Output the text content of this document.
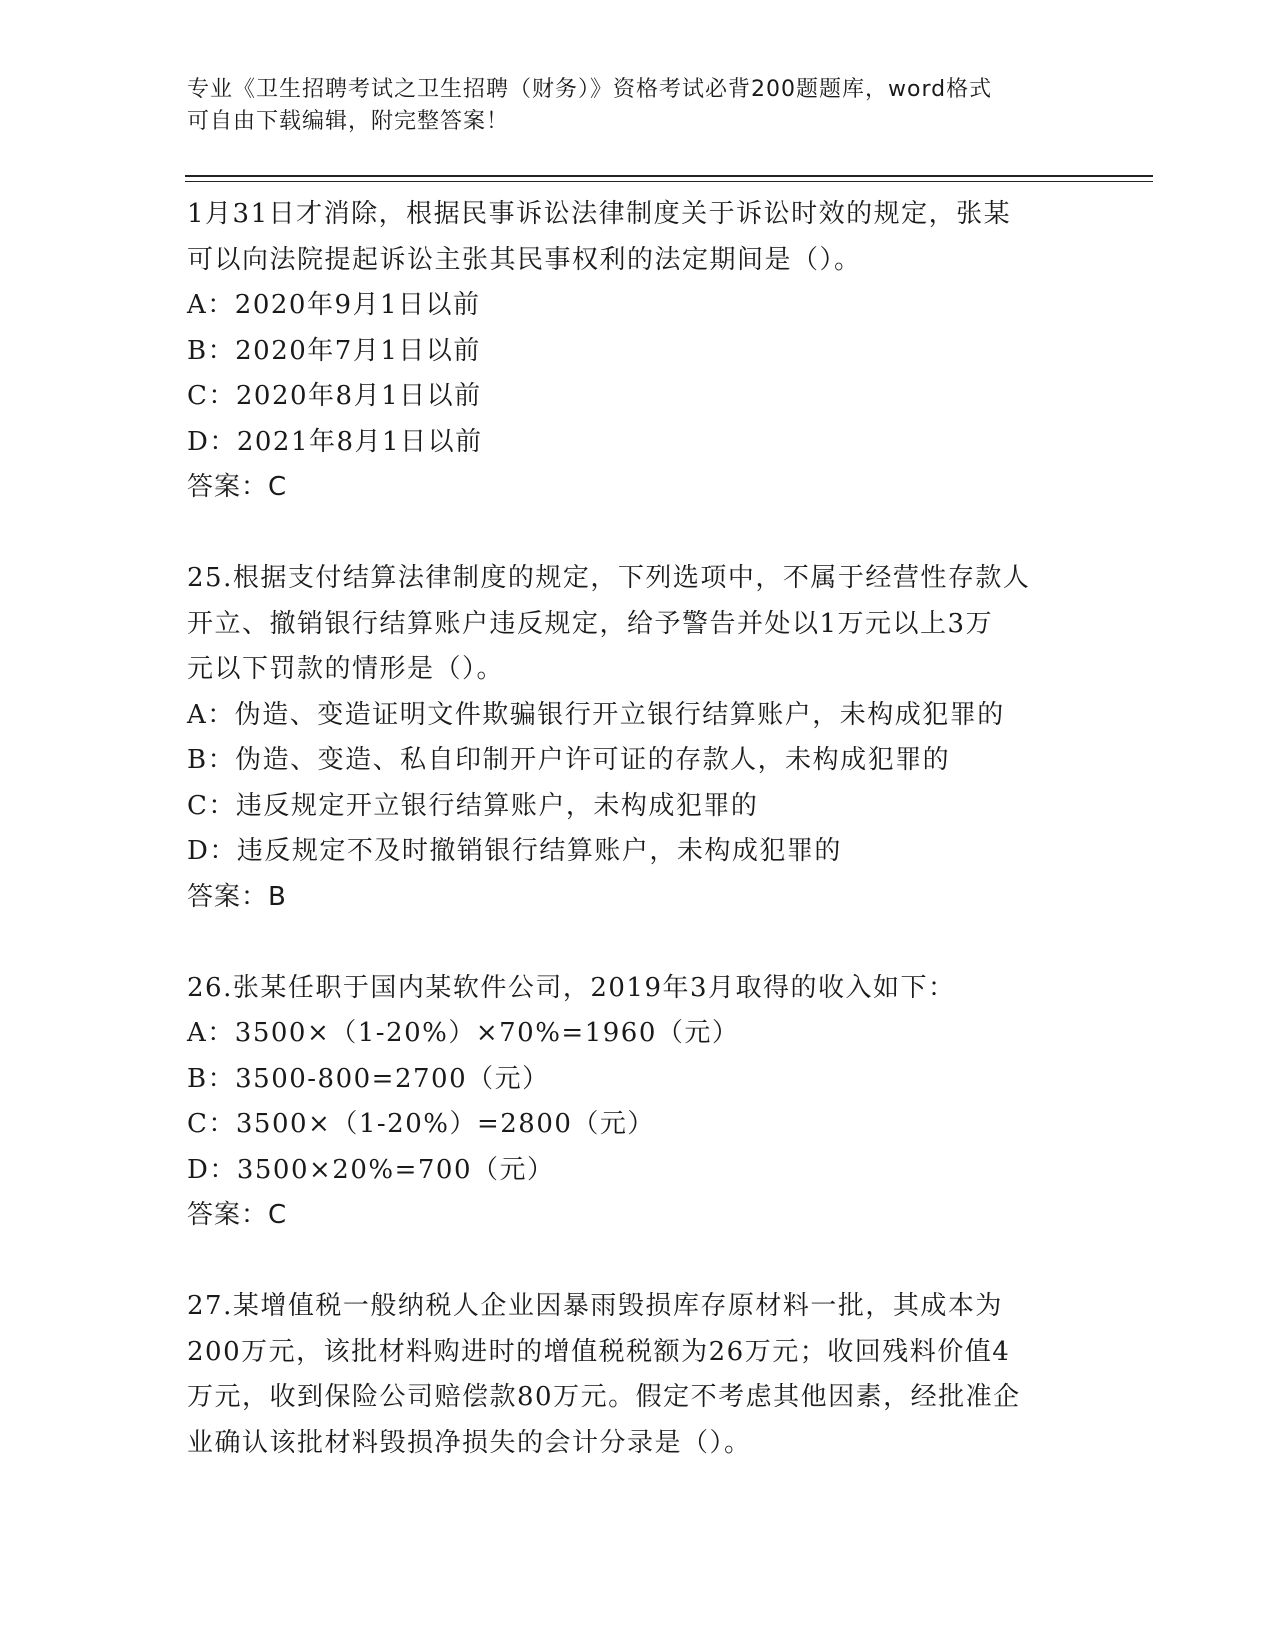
专业《卫生招聘考试之卫生招聘（财务）》资格考试必背200题题库，word格式
可自由下载编辑，附完整答案！
1月31日才消除，根据民事诉讼法律制度关于诉讼时效的规定，张某
可以向法院提起诉讼主张其民事权利的法定期间是（）。
A：2020年9月1日以前
B：2020年7月1日以前
C：2020年8月1日以前
D：2021年8月1日以前
答案：C
25.根据支付结算法律制度的规定，下列选项中，不属于经营性存款人
开立、撤销银行结算账户违反规定，给予警告并处以1万元以上3万
元以下罚款的情形是（）。
A：伪造、变造证明文件欺骗银行开立银行结算账户，未构成犯罪的
B：伪造、变造、私自印制开户许可证的存款人，未构成犯罪的
C：违反规定开立银行结算账户，未构成犯罪的
D：违反规定不及时撤销银行结算账户，未构成犯罪的
答案：B
26.张某任职于国内某软件公司，2019年3月取得的收入如下：
A：3500×（1-20%）×70%=1960（元）
B：3500-800=2700（元）
C：3500×（1-20%）=2800（元）
D：3500×20%=700（元）
答案：C
27.某增值税一般纳税人企业因暴雨毁损库存原材料一批，其成本为
200万元，该批材料购进时的增值税税额为26万元；收回残料价值4
万元，收到保险公司赔偿款80万元。假定不考虑其他因素，经批准企
业确认该批材料毁损净损失的会计分录是（）。
